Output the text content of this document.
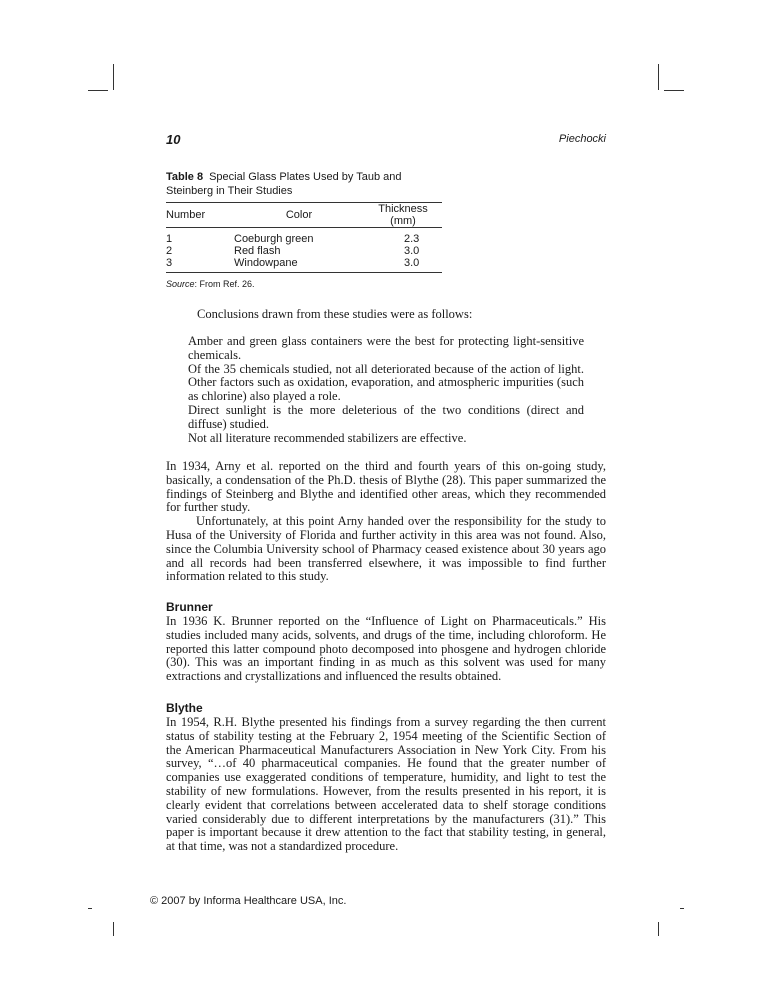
10	Piechocki
Table 8 Special Glass Plates Used by Taub and Steinberg in Their Studies
Number	Color	Thickness (mm)
1	Coeburgh green	2.3
2	Red flash	3.0
3	Windowpane	3.0
Source: From Ref. 26.

Conclusions drawn from these studies were as follows:

Amber and green glass containers were the best for protecting light-sensitive chemicals.

Of the 35 chemicals studied, not all deteriorated because of the action of light. Other factors such as oxidation, evaporation, and atmospheric impurities (such as chlorine) also played a role.

Direct sunlight is the more deleterious of the two conditions (direct and diffuse) studied.

Not all literature recommended stabilizers are effective.

In 1934, Arny et al. reported on the third and fourth years of this on-going study, basically, a condensation of the Ph.D. thesis of Blythe (28). This paper summarized the findings of Steinberg and Blythe and identified other areas, which they recommended for further study.

Unfortunately, at this point Arny handed over the responsibility for the study to Husa of the University of Florida and further activity in this area was not found. Also, since the Columbia University school of Pharmacy ceased existence about 30 years ago and all records had been transferred elsewhere, it was impossible to find further information related to this study.

Brunner

In 1936 K. Brunner reported on the “Influence of Light on Pharmaceuticals.” His studies included many acids, solvents, and drugs of the time, including chloroform. He reported this latter compound photo decomposed into phosgene and hydrogen chloride (30). This was an important finding in as much as this solvent was used for many extractions and crystallizations and influenced the results obtained.

Blythe

In 1954, R.H. Blythe presented his findings from a survey regarding the then current status of stability testing at the February 2, 1954 meeting of the Scientific Section of the American Pharmaceutical Manufacturers Association in New York City. From his survey, “…of 40 pharmaceutical companies. He found that the greater number of companies use exaggerated conditions of temperature, humidity, and light to test the stability of new formulations. However, from the results presented in his report, it is clearly evident that correlations between accelerated data to shelf storage conditions varied considerably due to different interpretations by the manufacturers (31).” This paper is important because it drew attention to the fact that stability testing, in general, at that time, was not a standardized procedure.

© 2007 by Informa Healthcare USA, Inc.
